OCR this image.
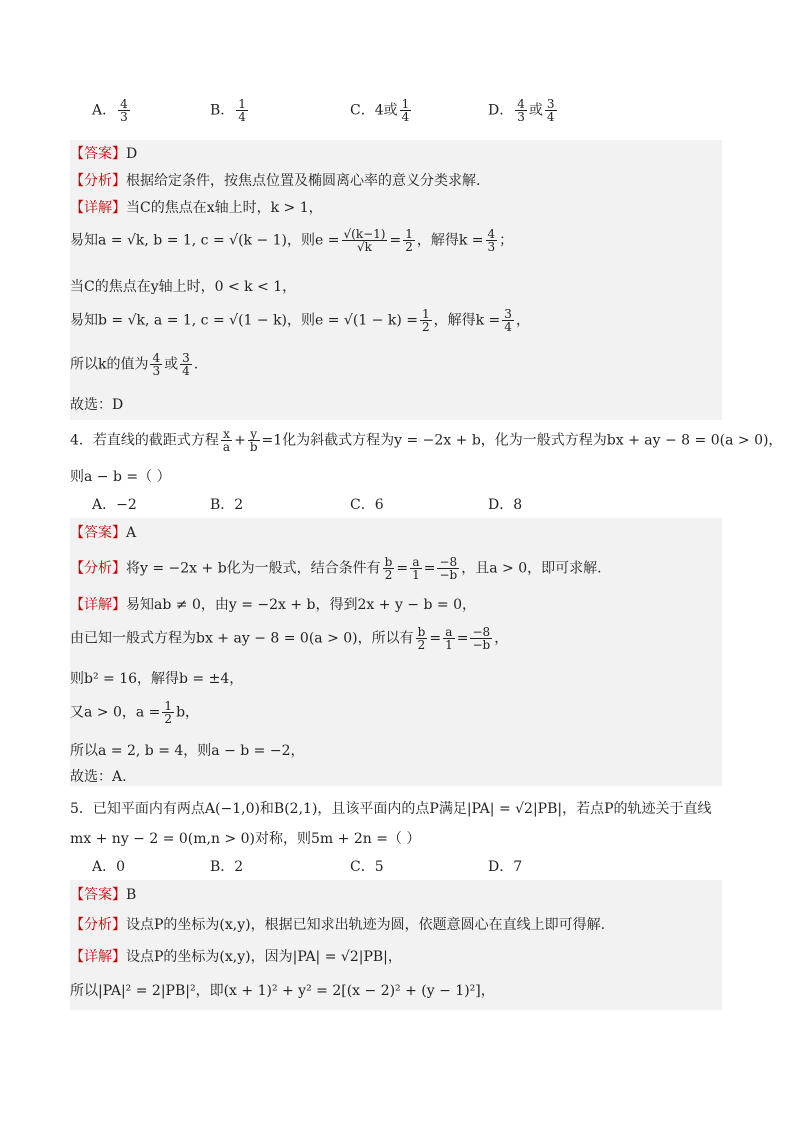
A． $\frac{4}{3}$	B． $\frac{1}{4}$	C．4或 $\frac{1}{4}$	D． $\frac{4}{3}$ 或 $\frac{3}{4}$
【答案】D
【分析】根据给定条件，按焦点位置及椭圆离心率的意义分类求解.
【详解】当C的焦点在x轴上时，k > 1，
易知a = √k, b = 1, c = √(k − 1)，则$e = \frac{√(k-1)}{√k} = \frac{1}{2}$ ，解得$k = \frac{4}{3}$ ；
当C的焦点在y轴上时，0 < k < 1，
易知b = √k, a = 1, c = √(1 − k)，则$e = √(1 - k) = \frac{1}{2}$ ，解得$k = \frac{3}{4}$ ，
所以k的值为 $\frac{4}{3}$ 或 $\frac{3}{4}$ .
故选：D
4．若直线的截距式方程 $\frac{x}{a} + \frac{y}{b} =1$化为斜截式方程为y = −2x + b，化为一般式方程为bx + ay − 8 = 0(a > 0)，
则a − b =（ ）
A．−2	B．2	C．6	D．8
【答案】A
【分析】将y = −2x + b化为一般式，结合条件有 $\frac{b}{2} = \frac{a}{1} = \frac{-8}{-b}$ ，且a > 0，即可求解.
【详解】易知ab ≠ 0，由y = −2x + b，得到2x + y − b = 0，
由已知一般式方程为bx + ay − 8 = 0(a > 0)，所以有 $\frac{b}{2} = \frac{a}{1} = \frac{-8}{-b}$ ，
则b² = 16，解得b = ±4，
又a > 0，$a = \frac{1}{2}$ b，
所以a = 2, b = 4，则a − b = −2，
故选：A.
5．已知平面内有两点A(−1,0)和B(2,1)，且该平面内的点P满足|PA| = √2|PB|，若点P的轨迹关于直线
mx + ny − 2 = 0(m,n > 0)对称，则5m + 2n =（ ）
A．0	B．2	C．5	D．7
【答案】B
【分析】设点P的坐标为(x,y)，根据已知求出轨迹为圆，依题意圆心在直线上即可得解.
【详解】设点P的坐标为(x,y)，因为|PA| = √2|PB|，
所以|PA|² = 2|PB|²，即(x + 1)² + y² = 2[(x − 2)² + (y − 1)²]，
